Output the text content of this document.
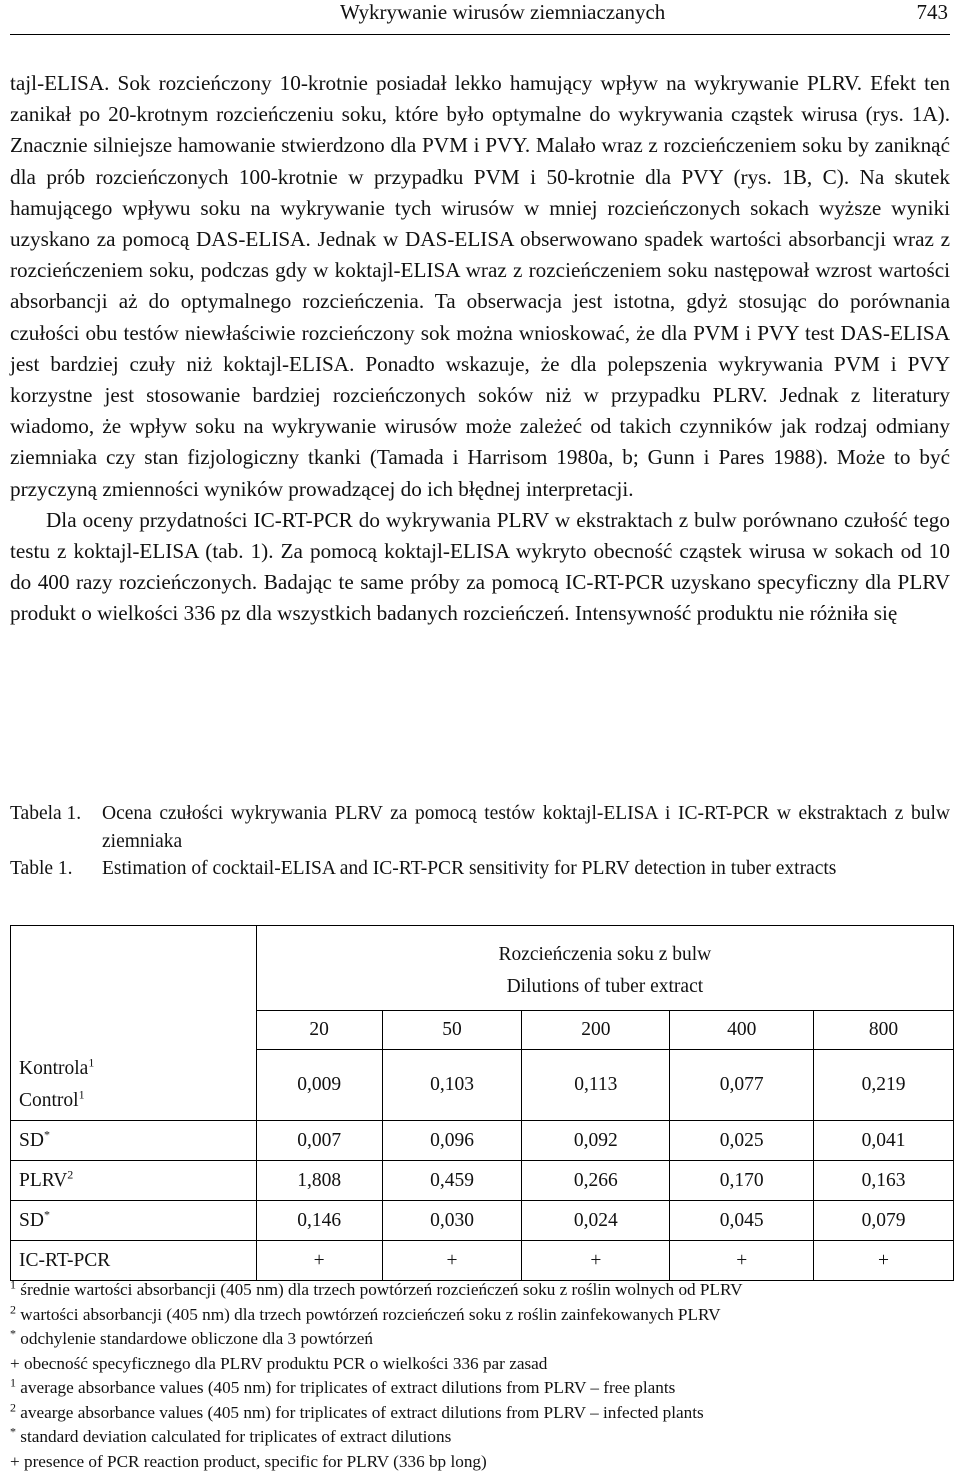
Wykrywanie wirusów ziemniaczanych	743

tajl-ELISA. Sok rozcieńczony 10-krotnie posiadał lekko hamujący wpływ na wykrywanie PLRV. Efekt ten zanikał po 20-krotnym rozcieńczeniu soku, które było optymalne do wykrywania cząstek wirusa (rys. 1A). Znacznie silniejsze hamowanie stwierdzono dla PVM i PVY. Malało wraz z rozcieńczeniem soku by zaniknąć dla prób rozcieńczonych 100-krotnie w przypadku PVM i 50-krotnie dla PVY (rys. 1B, C). Na skutek hamującego wpływu soku na wykrywanie tych wirusów w mniej rozcieńczonych sokach wyższe wyniki uzyskano za pomocą DAS-ELISA. Jednak w DAS-ELISA obserwowano spadek wartości absorbancji wraz z rozcieńczeniem soku, podczas gdy w koktajl-ELISA wraz z rozcieńczeniem soku następował wzrost wartości absorbancji aż do optymalnego rozcieńczenia. Ta obserwacja jest istotna, gdyż stosując do porównania czułości obu testów niewłaściwie rozcieńczony sok można wnioskować, że dla PVM i PVY test DAS-ELISA jest bardziej czuły niż koktajl-ELISA. Ponadto wskazuje, że dla polepszenia wykrywania PVM i PVY korzystne jest stosowanie bardziej rozcieńczonych soków niż w przypadku PLRV. Jednak z literatury wiadomo, że wpływ soku na wykrywanie wirusów może zależeć od takich czynników jak rodzaj odmiany ziemniaka czy stan fizjologiczny tkanki (Tamada i Harrisom 1980a, b; Gunn i Pares 1988). Może to być przyczyną zmienności wyników prowadzącej do ich błędnej interpretacji.

Dla oceny przydatności IC-RT-PCR do wykrywania PLRV w ekstraktach z bulw porównano czułość tego testu z koktajl-ELISA (tab. 1). Za pomocą koktajl-ELISA wykryto obecność cząstek wirusa w sokach od 10 do 400 razy rozcieńczonych. Badając te same próby za pomocą IC-RT-PCR uzyskano specyficzny dla PLRV produkt o wielkości 336 pz dla wszystkich badanych rozcieńczeń. Intensywność produktu nie różniła się

Tabela 1.	Ocena czułości wykrywania PLRV za pomocą testów koktajl-ELISA i IC-RT-PCR w ekstraktach z bulw ziemniaka
Table 1.	Estimation of cocktail-ELISA and IC-RT-PCR sensitivity for PLRV detection in tuber extracts

	Rozcieńczenia soku z bulw
Dilutions of tuber extract				

	20	50	200	400	800

Kontrola$^1$
Control$^1$	0,009	0,103	0,113	0,077	0,219
SD*	0,007	0,096	0,092	0,025	0,041
PLRV$^2$	1,808	0,459	0,266	0,170	0,163
SD*	0,146	0,030	0,024	0,045	0,079
IC-RT-PCR	+	+	+	+	+
$^1$ średnie wartości absorbancji (405 nm) dla trzech powtórzeń rozcieńczeń soku z roślin wolnych od PLRV
$^2$ wartości absorbancji (405 nm) dla trzech powtórzeń rozcieńczeń soku z roślin zainfekowanych PLRV
* odchylenie standardowe obliczone dla 3 powtórzeń
+ obecność specyficznego dla PLRV produktu PCR o wielkości 336 par zasad
$^1$ average absorbance values (405 nm) for triplicates of extract dilutions from PLRV – free plants
$^2$ avearge absorbance values (405 nm) for triplicates of extract dilutions from PLRV – infected plants
* standard deviation calculated for triplicates of extract dilutions
+ presence of PCR reaction product, specific for PLRV (336 bp long)
